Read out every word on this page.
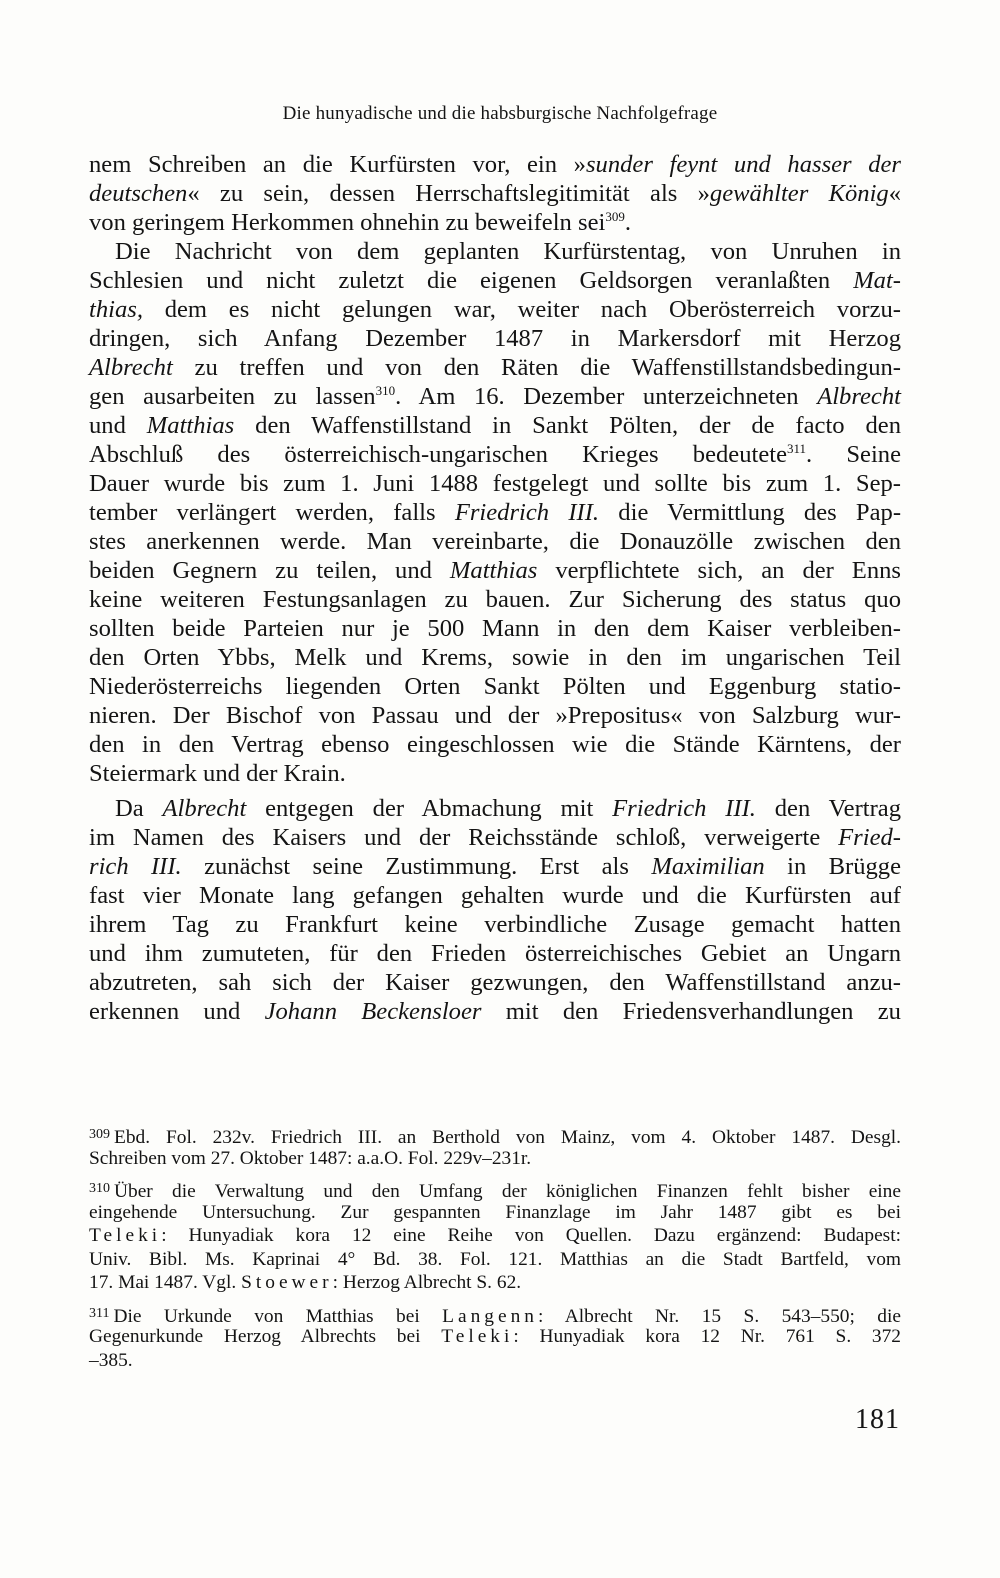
Die hunyadische und die habsburgische Nachfolgefrage
nem Schreiben an die Kurfürsten vor, ein »sunder feynt und hasser der
deutschen« zu sein, dessen Herrschaftslegitimität als »gewählter König«
von geringem Herkommen ohnehin zu beweifeln sei$^{309}$.
Die Nachricht von dem geplanten Kurfürstentag, von Unruhen in
Schlesien und nicht zuletzt die eigenen Geldsorgen veranlaßten Mat-
thias, dem es nicht gelungen war, weiter nach Oberösterreich vorzu-
dringen, sich Anfang Dezember 1487 in Markersdorf mit Herzog
Albrecht zu treffen und von den Räten die Waffenstillstandsbedingun-
gen ausarbeiten zu lassen$^{310}$. Am 16. Dezember unterzeichneten Albrecht
und Matthias den Waffenstillstand in Sankt Pölten, der de facto den
Abschluß des österreichisch-ungarischen Krieges bedeutete$^{311}$. Seine
Dauer wurde bis zum 1. Juni 1488 festgelegt und sollte bis zum 1. Sep-
tember verlängert werden, falls Friedrich III. die Vermittlung des Pap-
stes anerkennen werde. Man vereinbarte, die Donauzölle zwischen den
beiden Gegnern zu teilen, und Matthias verpflichtete sich, an der Enns
keine weiteren Festungsanlagen zu bauen. Zur Sicherung des status quo
sollten beide Parteien nur je 500 Mann in den dem Kaiser verbleiben-
den Orten Ybbs, Melk und Krems, sowie in den im ungarischen Teil
Niederösterreichs liegenden Orten Sankt Pölten und Eggenburg statio-
nieren. Der Bischof von Passau und der »Prepositus« von Salzburg wur-
den in den Vertrag ebenso eingeschlossen wie die Stände Kärntens, der
Steiermark und der Krain.
Da Albrecht entgegen der Abmachung mit Friedrich III. den Vertrag
im Namen des Kaisers und der Reichsstände schloß, verweigerte Fried-
rich III. zunächst seine Zustimmung. Erst als Maximilian in Brügge
fast vier Monate lang gefangen gehalten wurde und die Kurfürsten auf
ihrem Tag zu Frankfurt keine verbindliche Zusage gemacht hatten
und ihm zumuteten, für den Frieden österreichisches Gebiet an Ungarn
abzutreten, sah sich der Kaiser gezwungen, den Waffenstillstand anzu-
erkennen und Johann Beckensloer mit den Friedensverhandlungen zu
$^{309}$ Ebd. Fol. 232v. Friedrich III. an Berthold von Mainz, vom 4. Oktober 1487. Desgl.
Schreiben vom 27. Oktober 1487: a.a.O. Fol. 229v–231r.
$^{310}$ Über die Verwaltung und den Umfang der königlichen Finanzen fehlt bisher eine
eingehende Untersuchung. Zur gespannten Finanzlage im Jahr 1487 gibt es bei
Teleki: Hunyadiak kora 12 eine Reihe von Quellen. Dazu ergänzend: Budapest:
Univ. Bibl. Ms. Kaprinai 4° Bd. 38. Fol. 121. Matthias an die Stadt Bartfeld, vom
17. Mai 1487. Vgl. Stoewer: Herzog Albrecht S. 62.
$^{311}$ Die Urkunde von Matthias bei Langenn: Albrecht Nr. 15 S. 543–550; die
Gegenurkunde Herzog Albrechts bei Teleki: Hunyadiak kora 12 Nr. 761 S. 372
–385.
181
